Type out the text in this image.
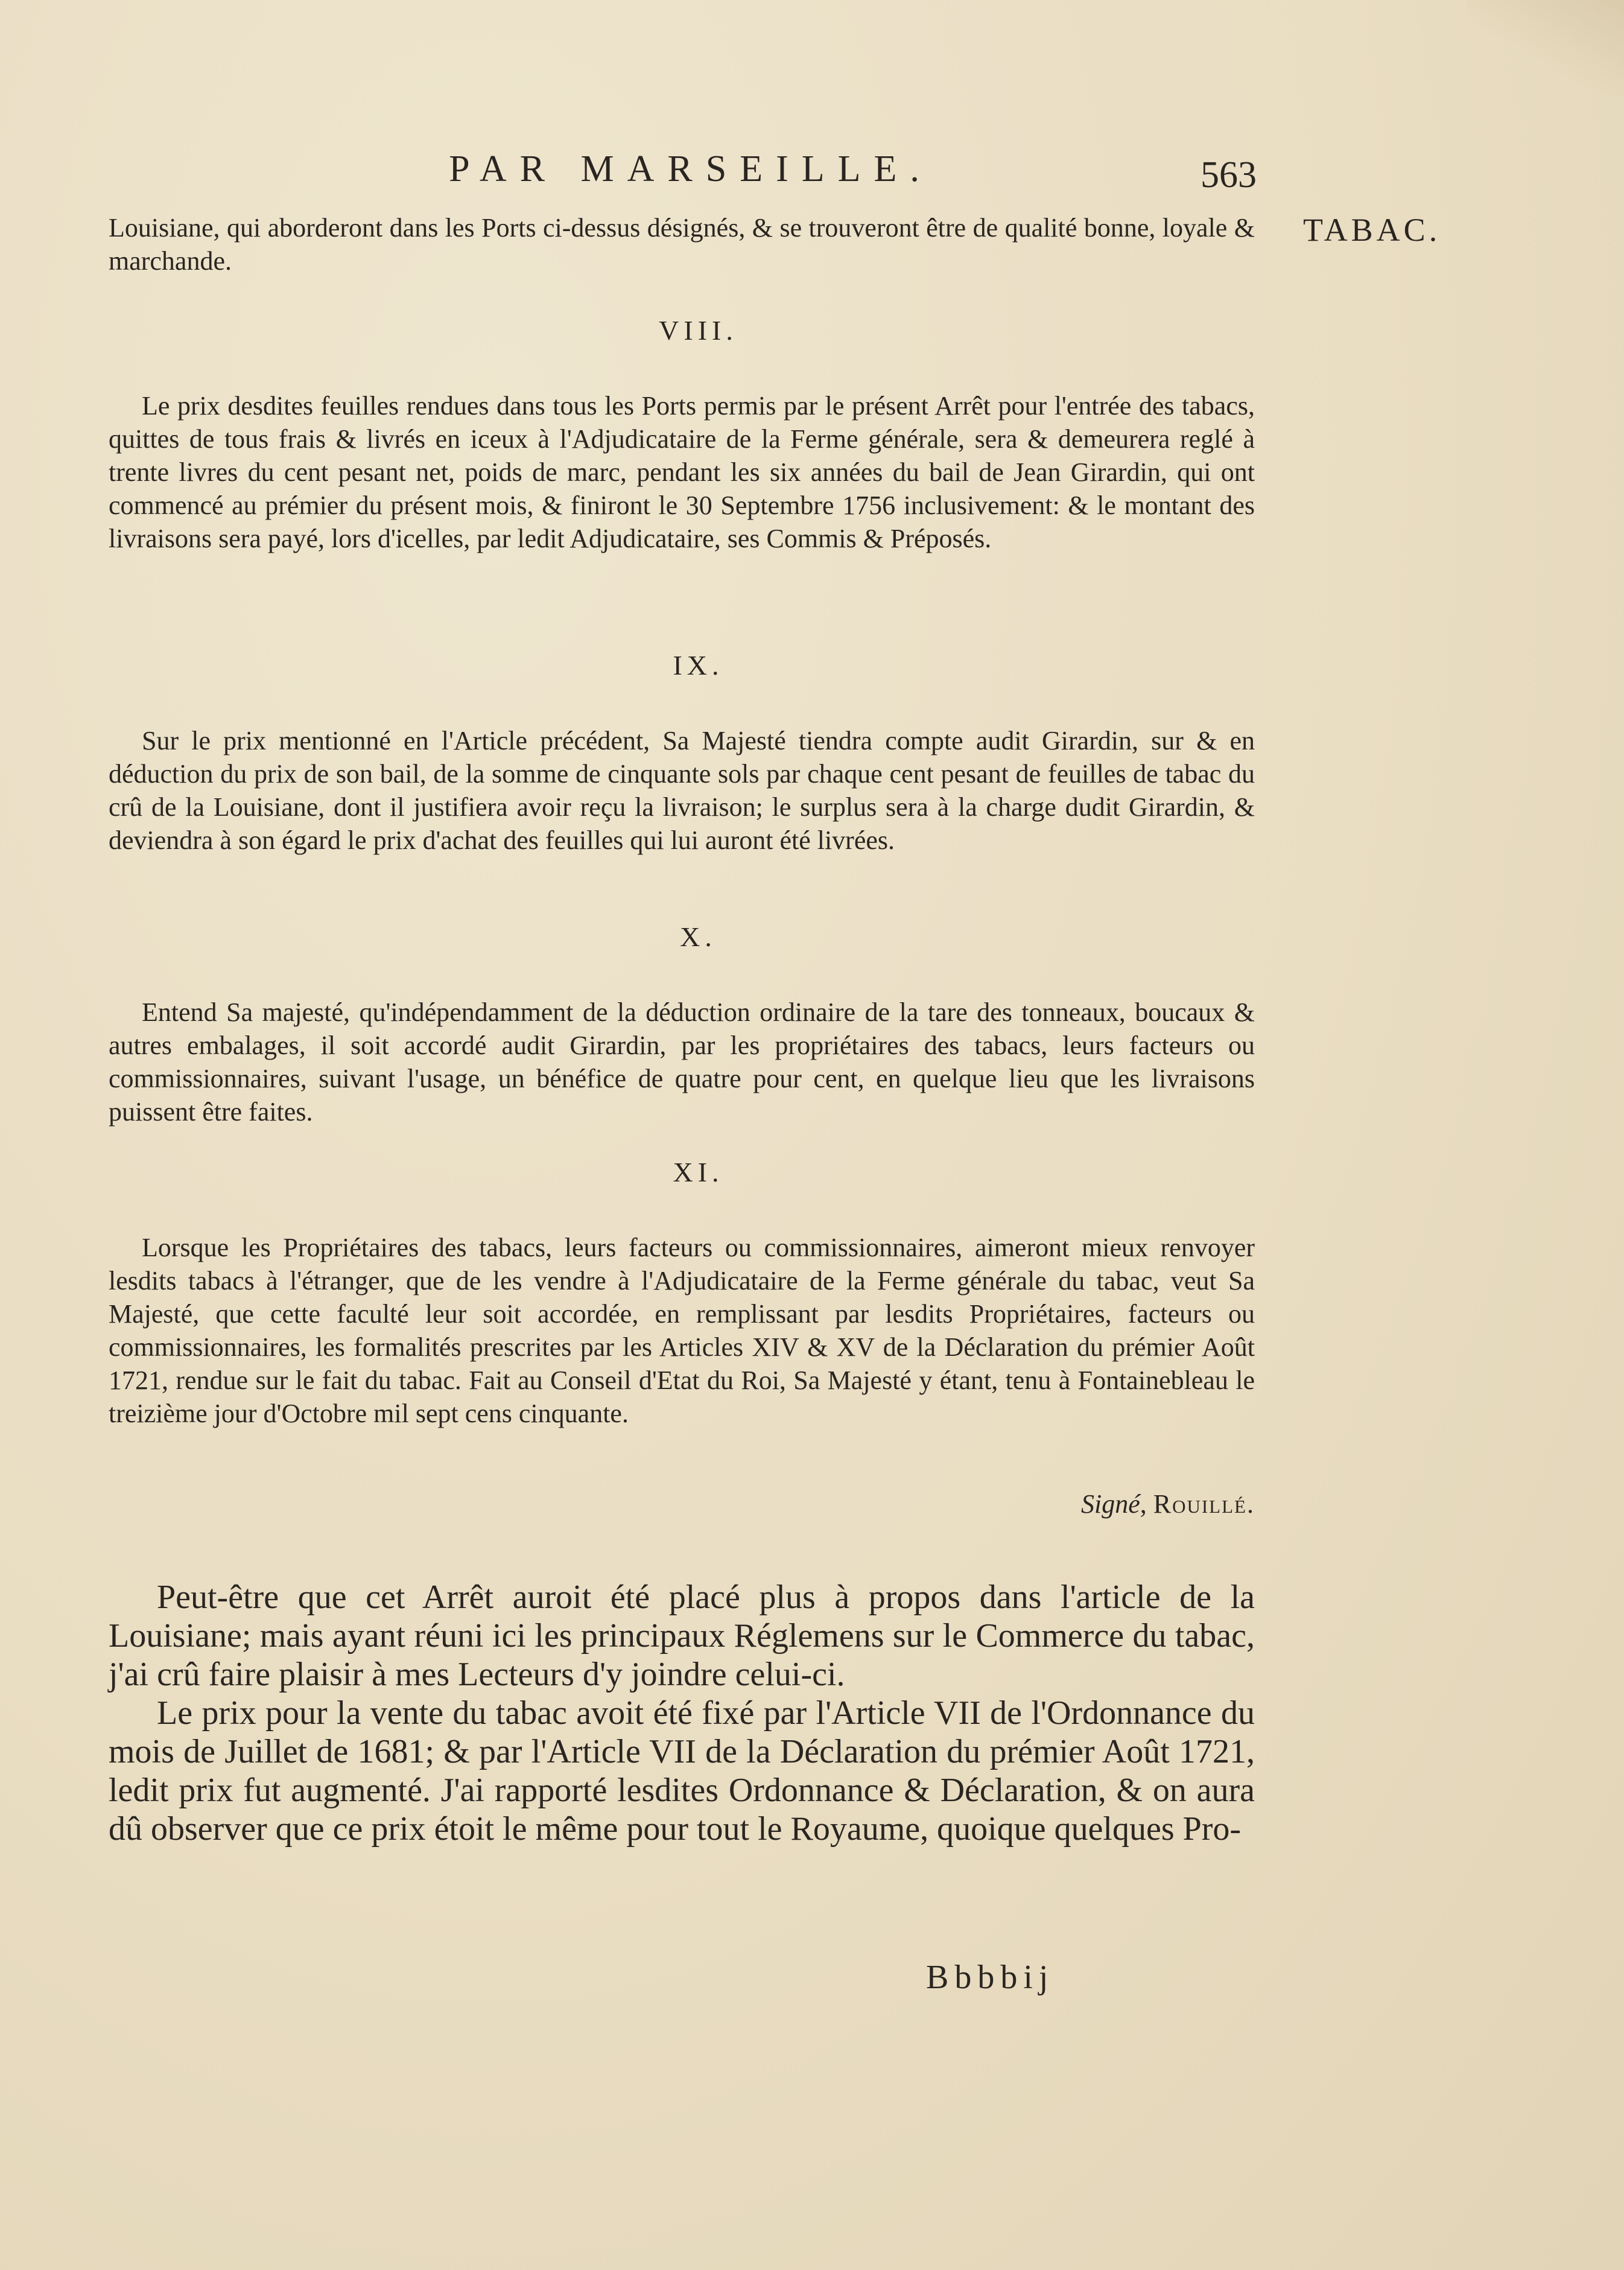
PAR MARSEILLE.	563
TABAC.

Louisiane, qui aborderont dans les Ports ci-dessus désignés, & se trouveront être de qualité bonne, loyale & marchande.

VIII.

Le prix desdites feuilles rendues dans tous les Ports permis par le présent Arrêt pour l'entrée des tabacs, quittes de tous frais & livrés en iceux à l'Adjudicataire de la Ferme générale, sera & demeurera reglé à trente livres du cent pesant net, poids de marc, pendant les six années du bail de Jean Girardin, qui ont commencé au prémier du présent mois, & finiront le 30 Septembre 1756 inclusivement: & le montant des livraisons sera payé, lors d'icelles, par ledit Adjudicataire, ses Commis & Préposés.

IX.

Sur le prix mentionné en l'Article précédent, Sa Majesté tiendra compte audit Girardin, sur & en déduction du prix de son bail, de la somme de cinquante sols par chaque cent pesant de feuilles de tabac du crû de la Louisiane, dont il justifiera avoir reçu la livraison; le surplus sera à la charge dudit Girardin, & deviendra à son égard le prix d'achat des feuilles qui lui auront été livrées.

X.

Entend Sa majesté, qu'indépendamment de la déduction ordinaire de la tare des tonneaux, boucaux & autres embalages, il soit accordé audit Girardin, par les propriétaires des tabacs, leurs facteurs ou commissionnaires, suivant l'usage, un bénéfice de quatre pour cent, en quelque lieu que les livraisons puissent être faites.

XI.

Lorsque les Propriétaires des tabacs, leurs facteurs ou commissionnaires, aimeront mieux renvoyer lesdits tabacs à l'étranger, que de les vendre à l'Adjudicataire de la Ferme générale du tabac, veut Sa Majesté, que cette faculté leur soit accordée, en remplissant par lesdits Propriétaires, facteurs ou commissionnaires, les formalités prescrites par les Articles XIV & XV de la Déclaration du prémier Août 1721, rendue sur le fait du tabac. Fait au Conseil d'Etat du Roi, Sa Majesté y étant, tenu à Fontainebleau le treizième jour d'Octobre mil sept cens cinquante.

Signé, Rouillé.

Peut-être que cet Arrêt auroit été placé plus à propos dans l'article de la Louisiane; mais ayant réuni ici les principaux Réglemens sur le Commerce du tabac, j'ai crû faire plaisir à mes Lecteurs d'y joindre celui-ci.

Le prix pour la vente du tabac avoit été fixé par l'Article VII de l'Ordonnance du mois de Juillet de 1681; & par l'Article VII de la Déclaration du prémier Août 1721, ledit prix fut augmenté. J'ai rapporté lesdites Ordonnance & Déclaration, & on aura dû observer que ce prix étoit le même pour tout le Royaume, quoique quelques Pro-

Bbbbij
